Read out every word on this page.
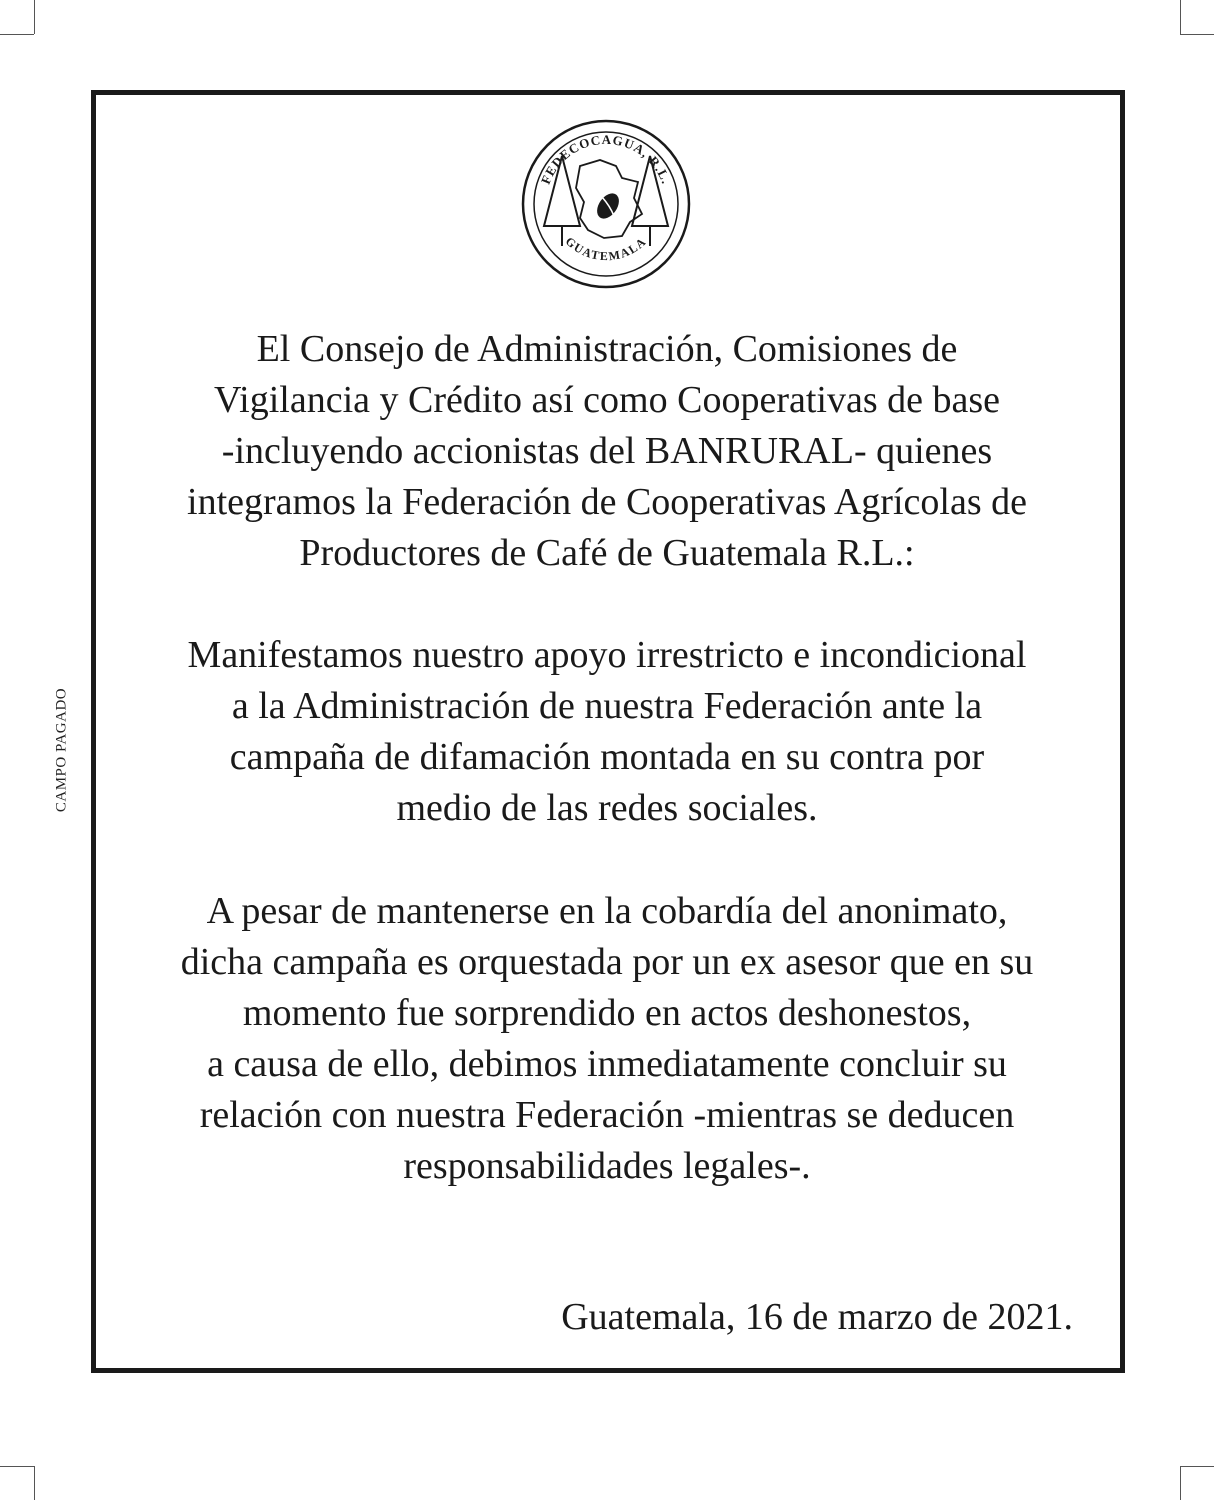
CAMPO PAGADO
FEDECOCAGUA, R.L.
GUATEMALA

El Consejo de Administración, Comisiones de
Vigilancia y Crédito así como Cooperativas de base
-incluyendo accionistas del BANRURAL- quienes
integramos la Federación de Cooperativas Agrícolas de
Productores de Café de Guatemala R.L.:

Manifestamos nuestro apoyo irrestricto e incondicional
a la Administración de nuestra Federación ante la
campaña de difamación montada en su contra por
medio de las redes sociales.

A pesar de mantenerse en la cobardía del anonimato,
dicha campaña es orquestada por un ex asesor que en su
momento fue sorprendido en actos deshonestos,
a causa de ello, debimos inmediatamente concluir su
relación con nuestra Federación -mientras se deducen
responsabilidades legales-.

Guatemala, 16 de marzo de 2021.
